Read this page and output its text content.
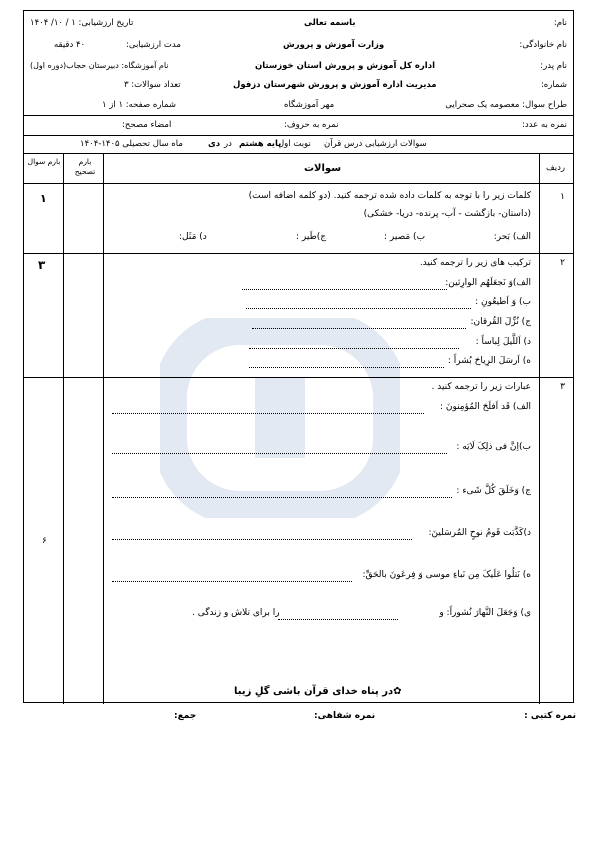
نام:
نام خانوادگی:
نام پدر:
شماره:
طراح سوال: معصومه یک صحرایی
باسمه تعالی
وزارت آموزش و پرورش
اداره کل آموزش و پرورش استان خوزستان
مدیریت اداره آموزش و پرورش شهرستان دزفول
مهر آموزشگاه
تاریخ ارزشیابی: ۱ / ۱۰/ ۱۴۰۴
مدت ارزشیابی:
۴۰ دقیقه
نام آموزشگاه: دبیرستان حجاب(دوره اول)
تعداد سوالات: ۳
شماره صفحه: ۱ از ۱
نمره به عدد:
نمره به حروف:
امضاء مصحح:
سوالات ارزشیابی درس قرآن
نوبت اول
پایه هشتم
در
دی
ماه سال تحصیلی ۱۴۰۵-۱۴۰۴
ردیف
سوالات
بارم تصحیح
بارم سوال
۱
۱	کلمات زیر را با توجه به کلمات داده شده ترجمه کنید. (دو کلمه اضافه است)
(داستان- بازگشت - آب- پرنده- دریا- خشکی)
الف) بَحر:
ب) مَصیر :
ج)طَیر :
د) مَثَل:
۲
۳	ترکیب های زیر را ترجمه کنید.
الف)وَ نَجعَلَهُم الوارِثین:
ب) وَ اَطیعُونِ :
ج) نُزِّلَ القُرقان:
د) اَللَّیلَ لِباساً :
ه) اَرسَلَ الرِیاحَ بُشراً :
۳
۶
عبارات زیر را ترجمه کنید .
الف) قَد اَفلَحَ المُؤمِنونَ :
ب)اِنَّ فی ذلِکَ لَایَه :
ج) وَخَلَقَ کُلَّ شَیء :
د)کَذَّبَت قَومُ نوحٍ المُرسَلینَ:
ه) نَتلُوا عَلَیکَ مِن نَباءِ موسی وَ فِرعَونَ بالحَقِّ:
ی) وَجَعَلَ النَّهارَ نُشوراً: و
را برای تلاش و زندگی .
✿در پناه خدای قرآن باشی گلِ زیبا
نمره کتبی :
نمره شفاهی:
جمع:
